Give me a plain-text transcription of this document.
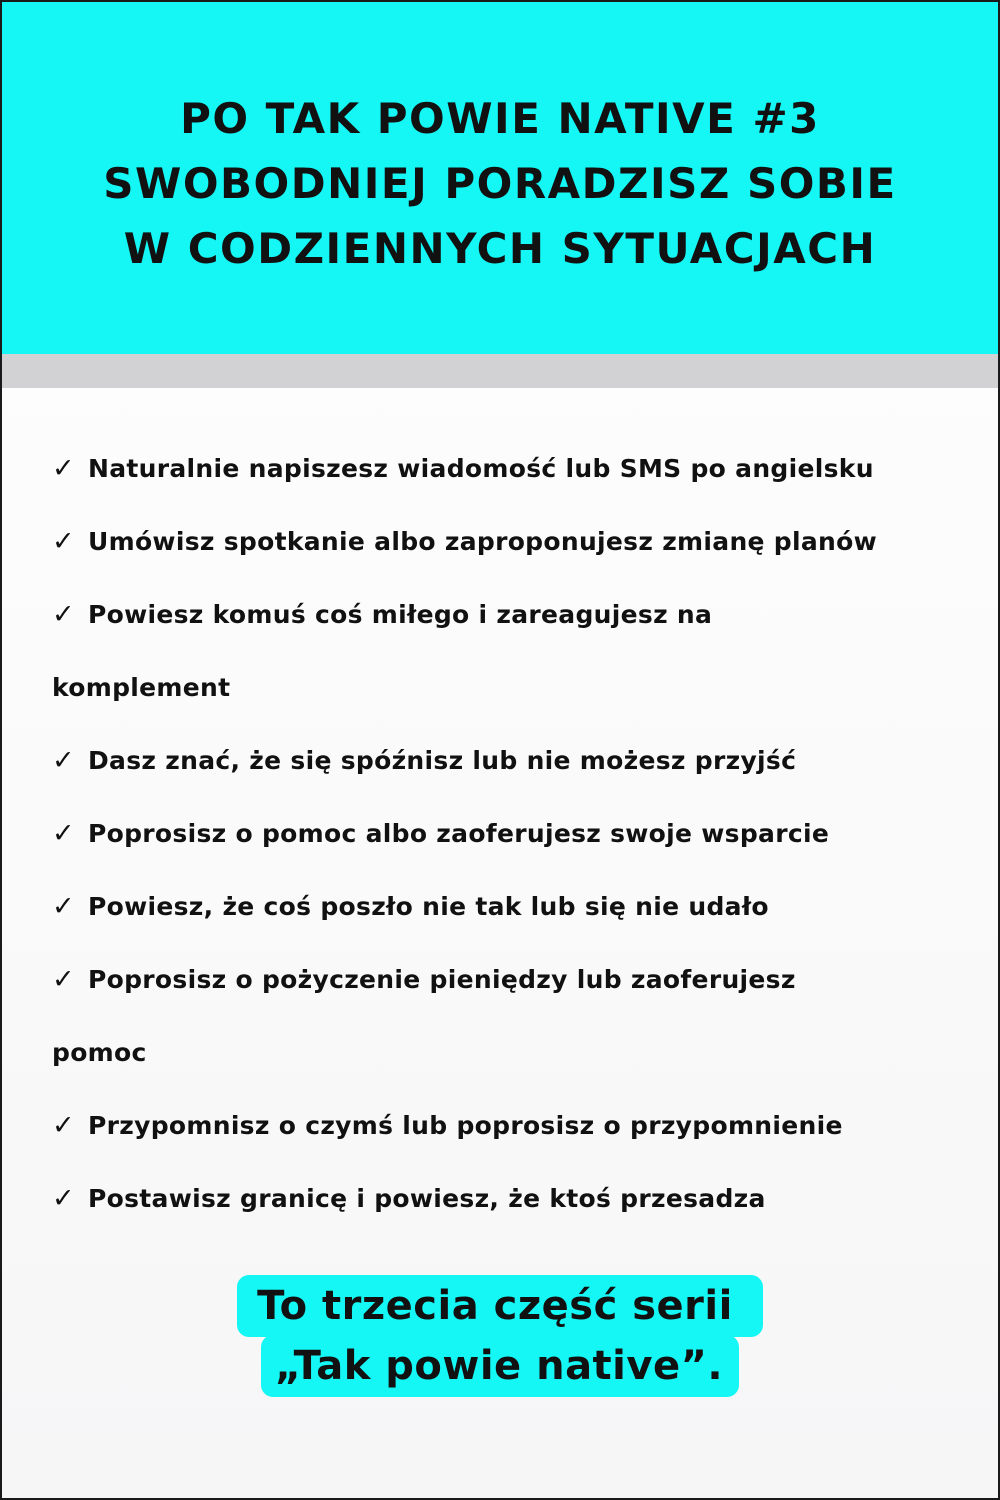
PO TAK POWIE NATIVE #3
SWOBODNIEJ PORADZISZ SOBIE
W CODZIENNYCH SYTUACJACH
✓ Naturalnie napiszesz wiadomość lub SMS po angielsku
✓ Umówisz spotkanie albo zaproponujesz zmianę planów
✓ Powiesz komuś coś miłego i zareagujesz na
komplement
✓ Dasz znać, że się spóźnisz lub nie możesz przyjść
✓ Poprosisz o pomoc albo zaoferujesz swoje wsparcie
✓ Powiesz, że coś poszło nie tak lub się nie udało
✓ Poprosisz o pożyczenie pieniędzy lub zaoferujesz
pomoc
✓ Przypomnisz o czymś lub poprosisz o przypomnienie
✓ Postawisz granicę i powiesz, że ktoś przesadza
To trzecia część serii
„Tak powie native”.
